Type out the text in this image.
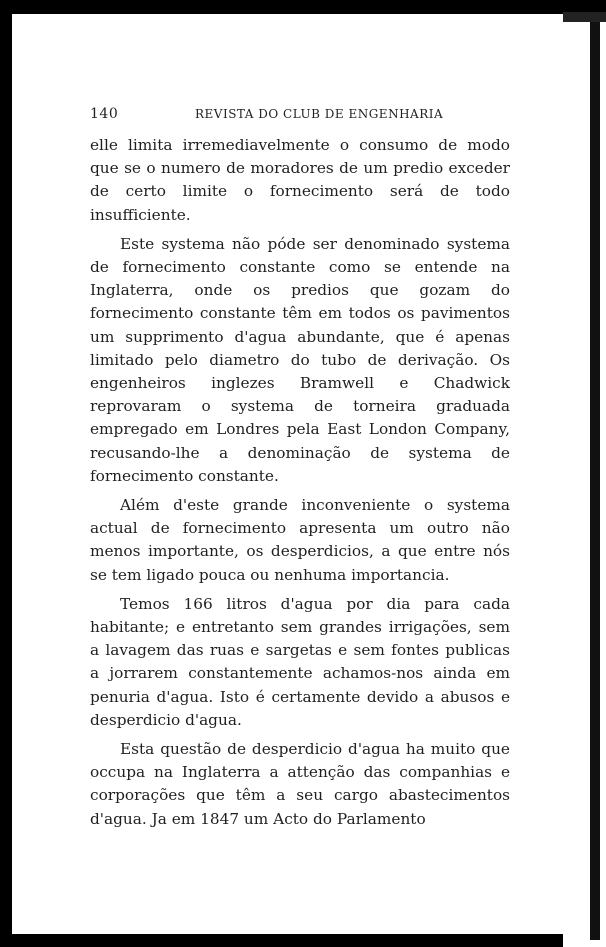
140	REVISTA DO CLUB DE ENGENHARIA

elle limita irremediavelmente o consumo de modo que se o numero de moradores de um predio exceder de certo limite o fornecimento será de todo insufficiente.

Este systema não póde ser denominado systema de fornecimento constante como se entende na Inglaterra, onde os predios que gozam do fornecimento constante têm em todos os pavimentos um supprimento d'agua abundante, que é apenas limitado pelo diametro do tubo de derivação. Os engenheiros inglezes Bramwell e Chadwick reprovaram o systema de torneira graduada empregado em Londres pela East London Company, recusando-lhe a denominação de systema de fornecimento constante.

Além d'este grande inconveniente o systema actual de fornecimento apresenta um outro não menos importante, os desperdicios, a que entre nós se tem ligado pouca ou nenhuma importancia.

Temos 166 litros d'agua por dia para cada habitante; e entretanto sem grandes irrigações, sem a lavagem das ruas e sargetas e sem fontes publicas a jorrarem constantemente achamos-nos ainda em penuria d'agua. Isto é certamente devido a abusos e desperdicio d'agua.

Esta questão de desperdicio d'agua ha muito que occupa na Inglaterra a attenção das companhias e corporações que têm a seu cargo abastecimentos d'agua. Ja em 1847 um Acto do Parlamento
